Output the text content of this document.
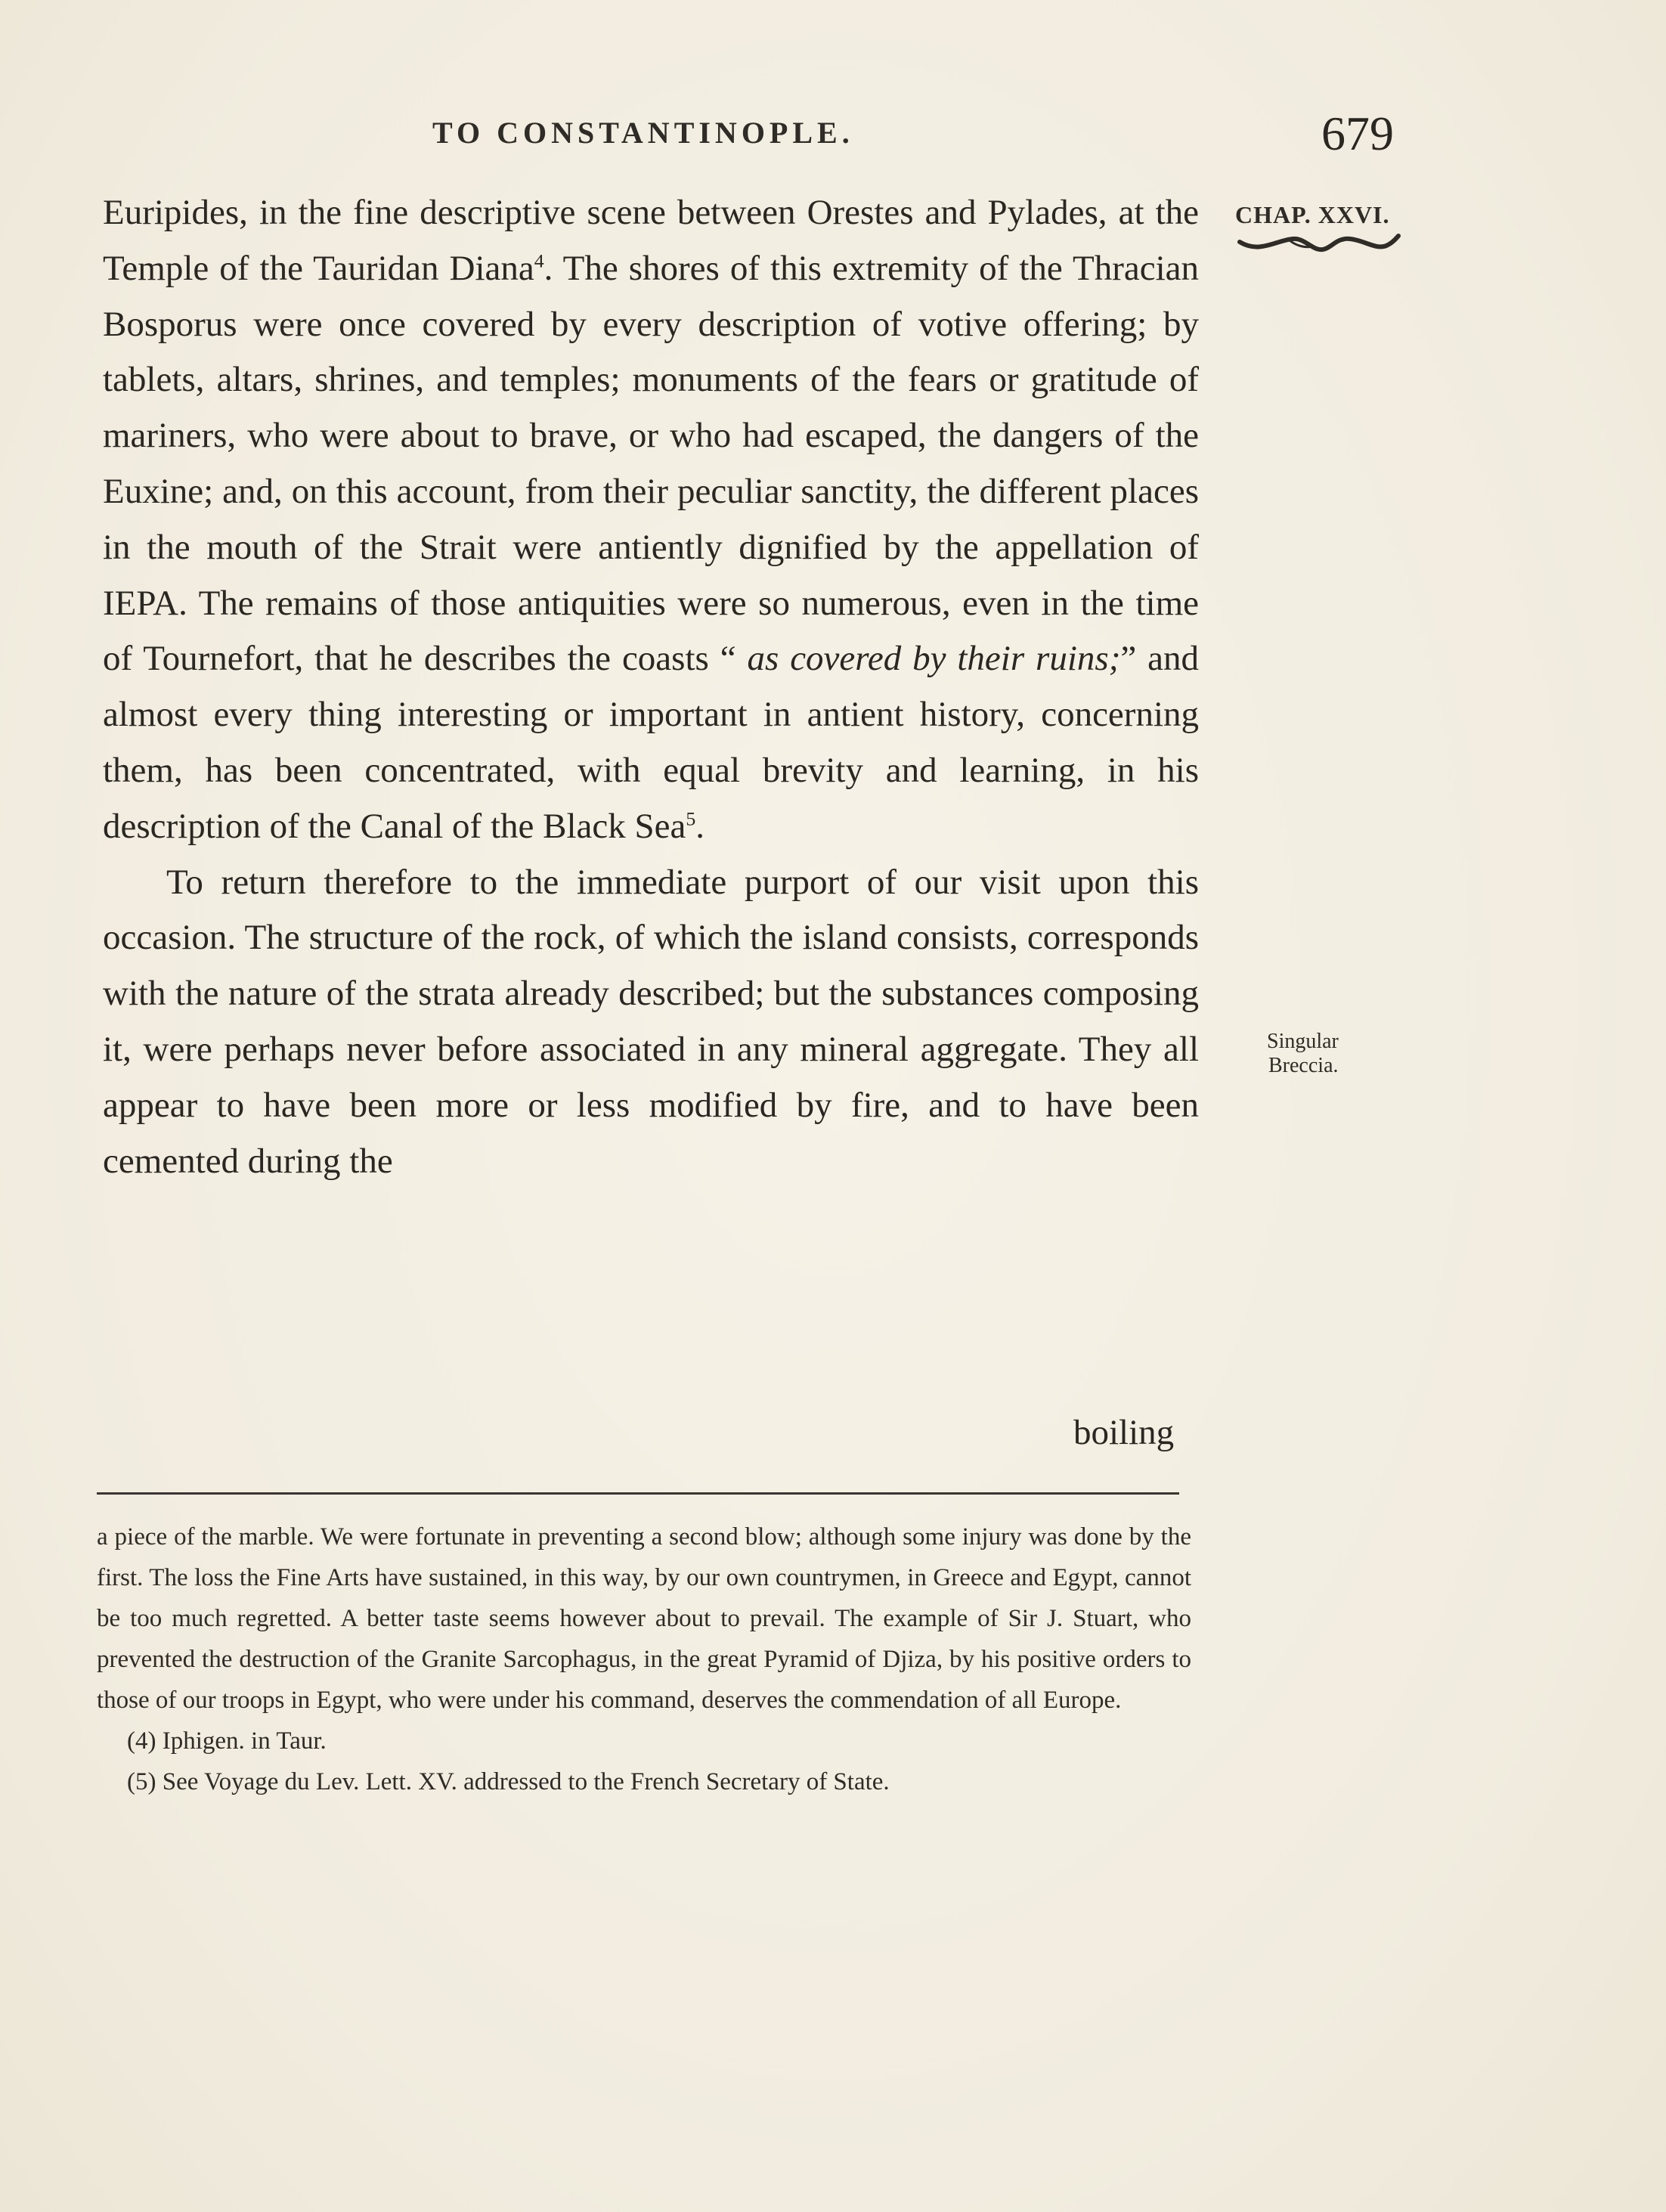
TO CONSTANTINOPLE.	679
CHAP. XXVI.

Euripides, in the fine descriptive scene between Orestes and Pylades, at the Temple of the Tauridan Diana$^4$. The shores of this extremity of the Thracian Bosporus were once covered by every description of votive offering; by tablets, altars, shrines, and temples; monuments of the fears or gratitude of mariners, who were about to brave, or who had escaped, the dangers of the Euxine; and, on this account, from their peculiar sanctity, the different places in the mouth of the Strait were antiently dignified by the appellation of IEPA. The remains of those antiquities were so numerous, even in the time of Tournefort, that he describes the coasts “ as covered by their ruins;” and almost every thing interesting or important in antient history, concerning them, has been concentrated, with equal brevity and learning, in his description of the Canal of the Black Sea$^5$.

To return therefore to the immediate purport of our visit upon this occasion. The structure of the rock, of which the island consists, corresponds with the nature of the strata already described; but the substances composing it, were perhaps never before associated in any mineral aggregate. They all appear to have been more or less modified by fire, and to have been cemented during the

boiling
Singular
Breccia.

a piece of the marble. We were fortunate in preventing a second blow; although some injury was done by the first. The loss the Fine Arts have sustained, in this way, by our own countrymen, in Greece and Egypt, cannot be too much regretted. A better taste seems however about to prevail. The example of Sir J. Stuart, who prevented the destruction of the Granite Sarcophagus, in the great Pyramid of Djiza, by his positive orders to those of our troops in Egypt, who were under his command, deserves the commendation of all Europe.

(4) Iphigen. in Taur.

(5) See Voyage du Lev. Lett. XV. addressed to the French Secretary of State.
